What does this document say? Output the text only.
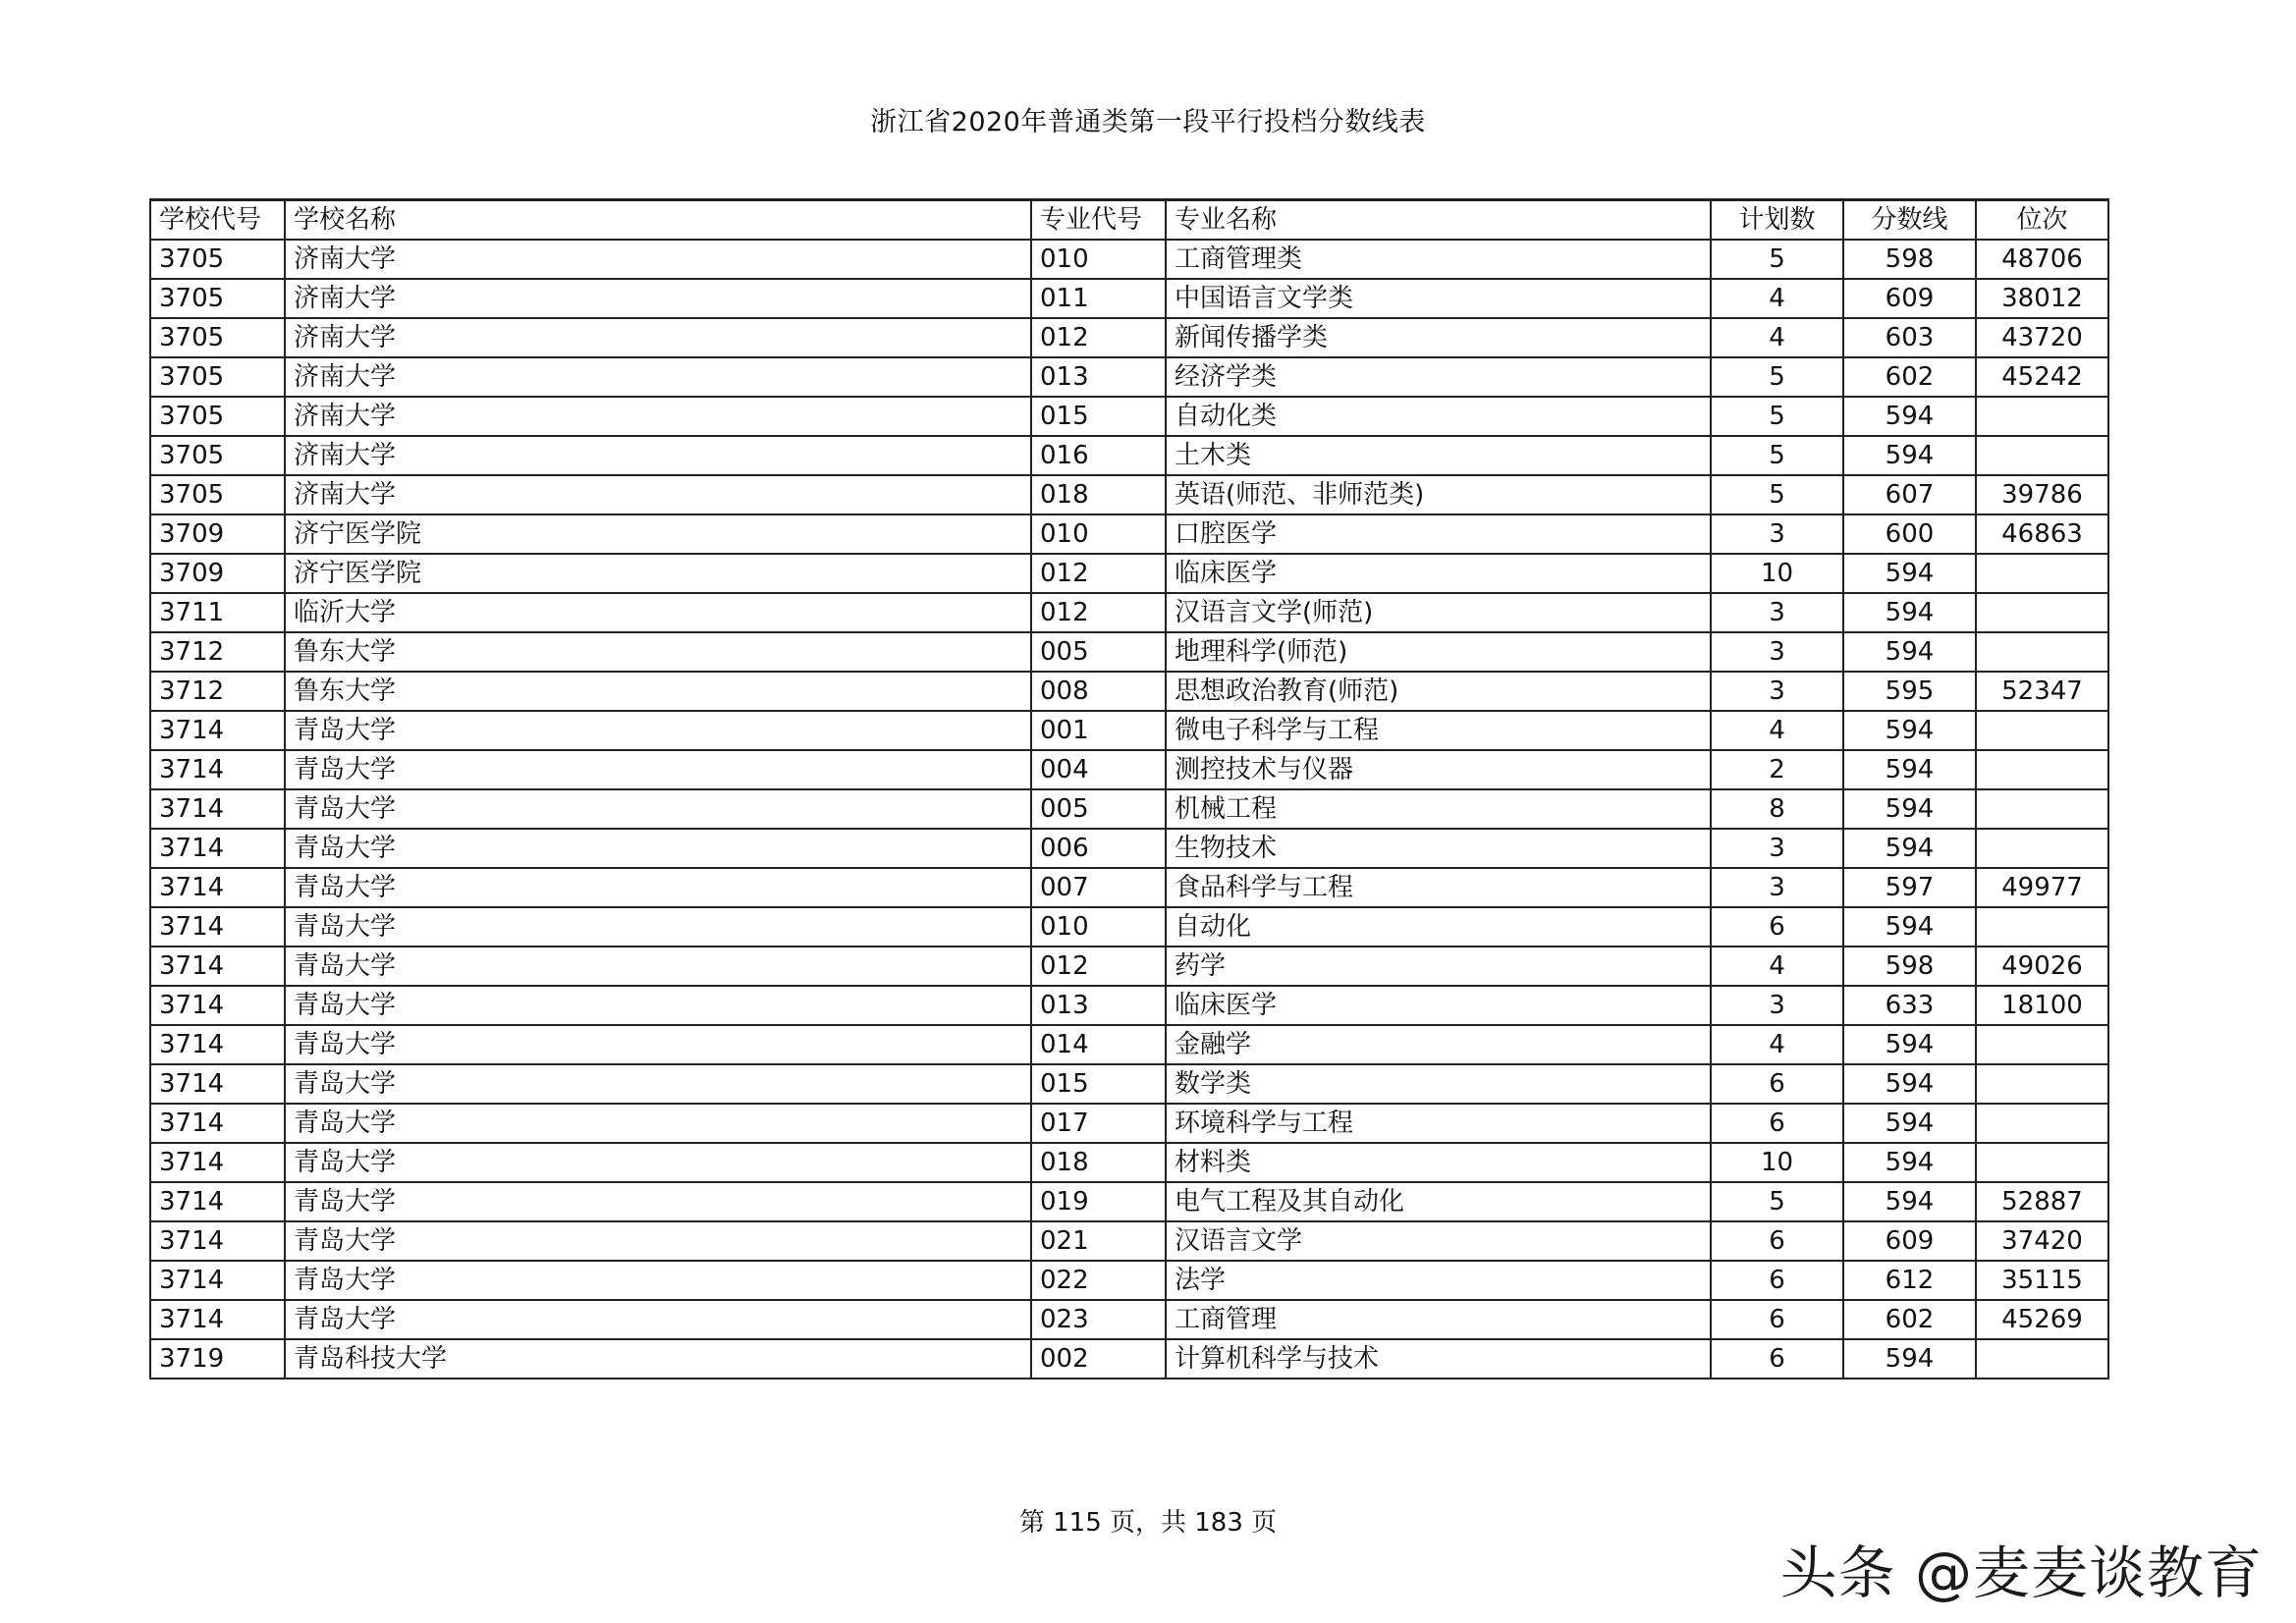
浙江省2020年普通类第一段平行投档分数线表
学校代号	学校名称	专业代号	专业名称	计划数	分数线	位次
3705	济南大学	010	工商管理类	5	598	48706
3705	济南大学	011	中国语言文学类	4	609	38012
3705	济南大学	012	新闻传播学类	4	603	43720
3705	济南大学	013	经济学类	5	602	45242
3705	济南大学	015	自动化类	5	594	
3705	济南大学	016	土木类	5	594	
3705	济南大学	018	英语(师范、非师范类)	5	607	39786
3709	济宁医学院	010	口腔医学	3	600	46863
3709	济宁医学院	012	临床医学	10	594	
3711	临沂大学	012	汉语言文学(师范)	3	594	
3712	鲁东大学	005	地理科学(师范)	3	594	
3712	鲁东大学	008	思想政治教育(师范)	3	595	52347
3714	青岛大学	001	微电子科学与工程	4	594	
3714	青岛大学	004	测控技术与仪器	2	594	
3714	青岛大学	005	机械工程	8	594	
3714	青岛大学	006	生物技术	3	594	
3714	青岛大学	007	食品科学与工程	3	597	49977
3714	青岛大学	010	自动化	6	594	
3714	青岛大学	012	药学	4	598	49026
3714	青岛大学	013	临床医学	3	633	18100
3714	青岛大学	014	金融学	4	594	
3714	青岛大学	015	数学类	6	594	
3714	青岛大学	017	环境科学与工程	6	594	
3714	青岛大学	018	材料类	10	594	
3714	青岛大学	019	电气工程及其自动化	5	594	52887
3714	青岛大学	021	汉语言文学	6	609	37420
3714	青岛大学	022	法学	6	612	35115
3714	青岛大学	023	工商管理	6	602	45269
3719	青岛科技大学	002	计算机科学与技术	6	594	
第 115 页，共 183 页
头条 @麦麦谈教育
